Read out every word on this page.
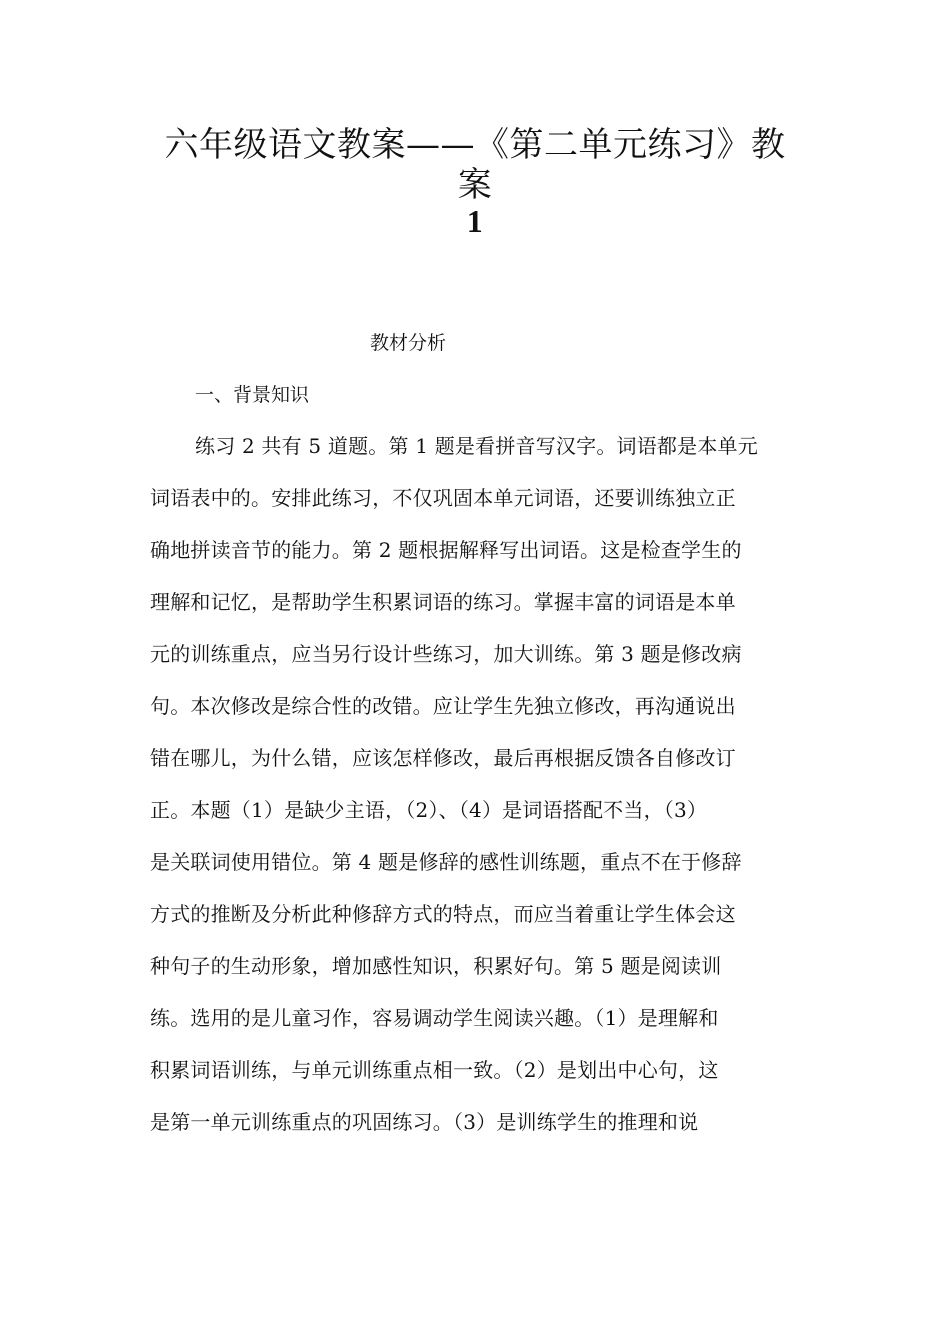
六年级语文教案——《第二单元练习》教案
1
教材分析
一、背景知识
练习 2 共有 5 道题。第 1 题是看拼音写汉字。词语都是本单元
词语表中的。安排此练习，不仅巩固本单元词语，还要训练独立正
确地拼读音节的能力。第 2 题根据解释写出词语。这是检查学生的
理解和记忆，是帮助学生积累词语的练习。掌握丰富的词语是本单
元的训练重点，应当另行设计些练习，加大训练。第 3 题是修改病
句。本次修改是综合性的改错。应让学生先独立修改，再沟通说出
错在哪儿，为什么错，应该怎样修改，最后再根据反馈各自修改订
正。本题（1）是缺少主语，（2）、（4）是词语搭配不当，（3）
是关联词使用错位。第 4 题是修辞的感性训练题，重点不在于修辞
方式的推断及分析此种修辞方式的特点，而应当着重让学生体会这
种句子的生动形象，增加感性知识，积累好句。第 5 题是阅读训
练。选用的是儿童习作，容易调动学生阅读兴趣。（1）是理解和
积累词语训练，与单元训练重点相一致。（2）是划出中心句，这
是第一单元训练重点的巩固练习。（3）是训练学生的推理和说
